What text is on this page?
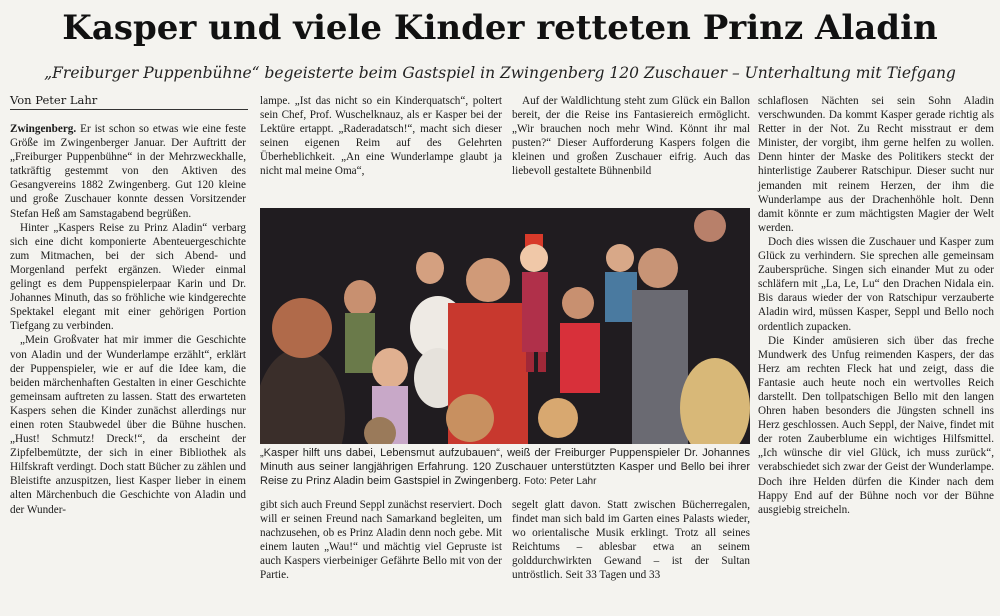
Kasper und viele Kinder retteten Prinz Aladin
„Freiburger Puppenbühne“ begeisterte beim Gastspiel in Zwingenberg 120 Zuschauer – Unterhaltung mit Tiefgang
Von Peter Lahr

Zwingenberg. Er ist schon so etwas wie eine feste Größe im Zwingenberger Januar. Der Auftritt der „Freiburger Puppenbühne“ in der Mehrzweckhalle, tatkräftig gestemmt von den Aktiven des Gesangvereins 1882 Zwingenberg. Gut 120 kleine und große Zuschauer konnte dessen Vorsitzender Stefan Heß am Samstagabend begrüßen.

Hinter „Kaspers Reise zu Prinz Aladin“ verbarg sich eine dicht komponierte Abenteuergeschichte zum Mitmachen, bei der sich Abend- und Morgenland perfekt ergänzen. Wieder einmal gelingt es dem Puppenspielerpaar Karin und Dr. Johannes Minuth, das so fröhliche wie kindgerechte Spektakel elegant mit einer gehörigen Portion Tiefgang zu verbinden.

„Mein Großvater hat mir immer die Geschichte von Aladin und der Wunderlampe erzählt“, erklärt der Puppenspieler, wie er auf die Idee kam, die beiden märchenhaften Gestalten in einer Geschichte gemeinsam auftreten zu lassen. Statt des erwarteten Kaspers sehen die Kinder zunächst allerdings nur einen roten Staubwedel über die Bühne huschen. „Hust! Schmutz! Dreck!“, da erscheint der Zipfelbemützte, der sich in einer Bibliothek als Hilfskraft verdingt. Doch statt Bücher zu zählen und Bleistifte anzuspitzen, liest Kasper lieber in einem alten Märchenbuch die Geschichte von Aladin und der Wunder-

lampe. „Ist das nicht so ein Kinderquatsch“, poltert sein Chef, Prof. Wuschelknauz, als er Kasper bei der Lektüre ertappt. „Raderadatsch!“, macht sich dieser seinen eigenen Reim auf des Gelehrten Überheblichkeit. „An eine Wunderlampe glaubt ja nicht mal meine Oma“,

Auf der Waldlichtung steht zum Glück ein Ballon bereit, der die Reise ins Fantasiereich ermöglicht. „Wir brauchen noch mehr Wind. Könnt ihr mal pusten?“ Dieser Aufforderung Kaspers folgen die kleinen und großen Zuschauer eifrig. Auch das liebevoll gestaltete Bühnenbild

„Kasper hilft uns dabei, Lebensmut aufzubauen“, weiß der Freiburger Puppenspieler Dr. Johannes Minuth aus seiner langjährigen Erfahrung. 120 Zuschauer unterstützten Kasper und Bello bei ihrer Reise zu Prinz Aladin beim Gastspiel in Zwingenberg. Foto: Peter Lahr

gibt sich auch Freund Seppl zunächst reserviert. Doch will er seinen Freund nach Samarkand begleiten, um nachzusehen, ob es Prinz Aladin denn noch gebe. Mit einem lauten „Wau!“ und mächtig viel Gepruste ist auch Kaspers vierbeiniger Gefährte Bello mit von der Partie.

segelt glatt davon. Statt zwischen Bücherregalen, findet man sich bald im Garten eines Palasts wieder, wo orientalische Musik erklingt. Trotz all seines Reichtums – ablesbar etwa an seinem golddurchwirkten Gewand – ist der Sultan untröstlich. Seit 33 Tagen und 33

schlaflosen Nächten sei sein Sohn Aladin verschwunden. Da kommt Kasper gerade richtig als Retter in der Not. Zu Recht misstraut er dem Minister, der vorgibt, ihm gerne helfen zu wollen. Denn hinter der Maske des Politikers steckt der hinterlistige Zauberer Ratschipur. Dieser sucht nur jemanden mit reinem Herzen, der ihm die Wunderlampe aus der Drachenhöhle holt. Denn damit könnte er zum mächtigsten Magier der Welt werden.

Doch dies wissen die Zuschauer und Kasper zum Glück zu verhindern. Sie sprechen alle gemeinsam Zaubersprüche. Singen sich einander Mut zu oder schläfern mit „La, Le, Lu“ den Drachen Nidala ein. Bis daraus wieder der von Ratschipur verzauberte Aladin wird, müssen Kasper, Seppl und Bello noch ordentlich zupacken.

Die Kinder amüsieren sich über das freche Mundwerk des Unfug reimenden Kaspers, der das Herz am rechten Fleck hat und zeigt, dass die Fantasie auch heute noch ein wertvolles Reich darstellt. Den tollpatschigen Bello mit den langen Ohren haben besonders die Jüngsten schnell ins Herz geschlossen. Auch Seppl, der Naive, findet mit der roten Zauberblume ein wichtiges Hilfsmittel. „Ich wünsche dir viel Glück, ich muss zurück“, verabschiedet sich zwar der Geist der Wunderlampe. Doch ihre Helden dürfen die Kinder nach dem Happy End auf der Bühne noch vor der Bühne ausgiebig streicheln.
